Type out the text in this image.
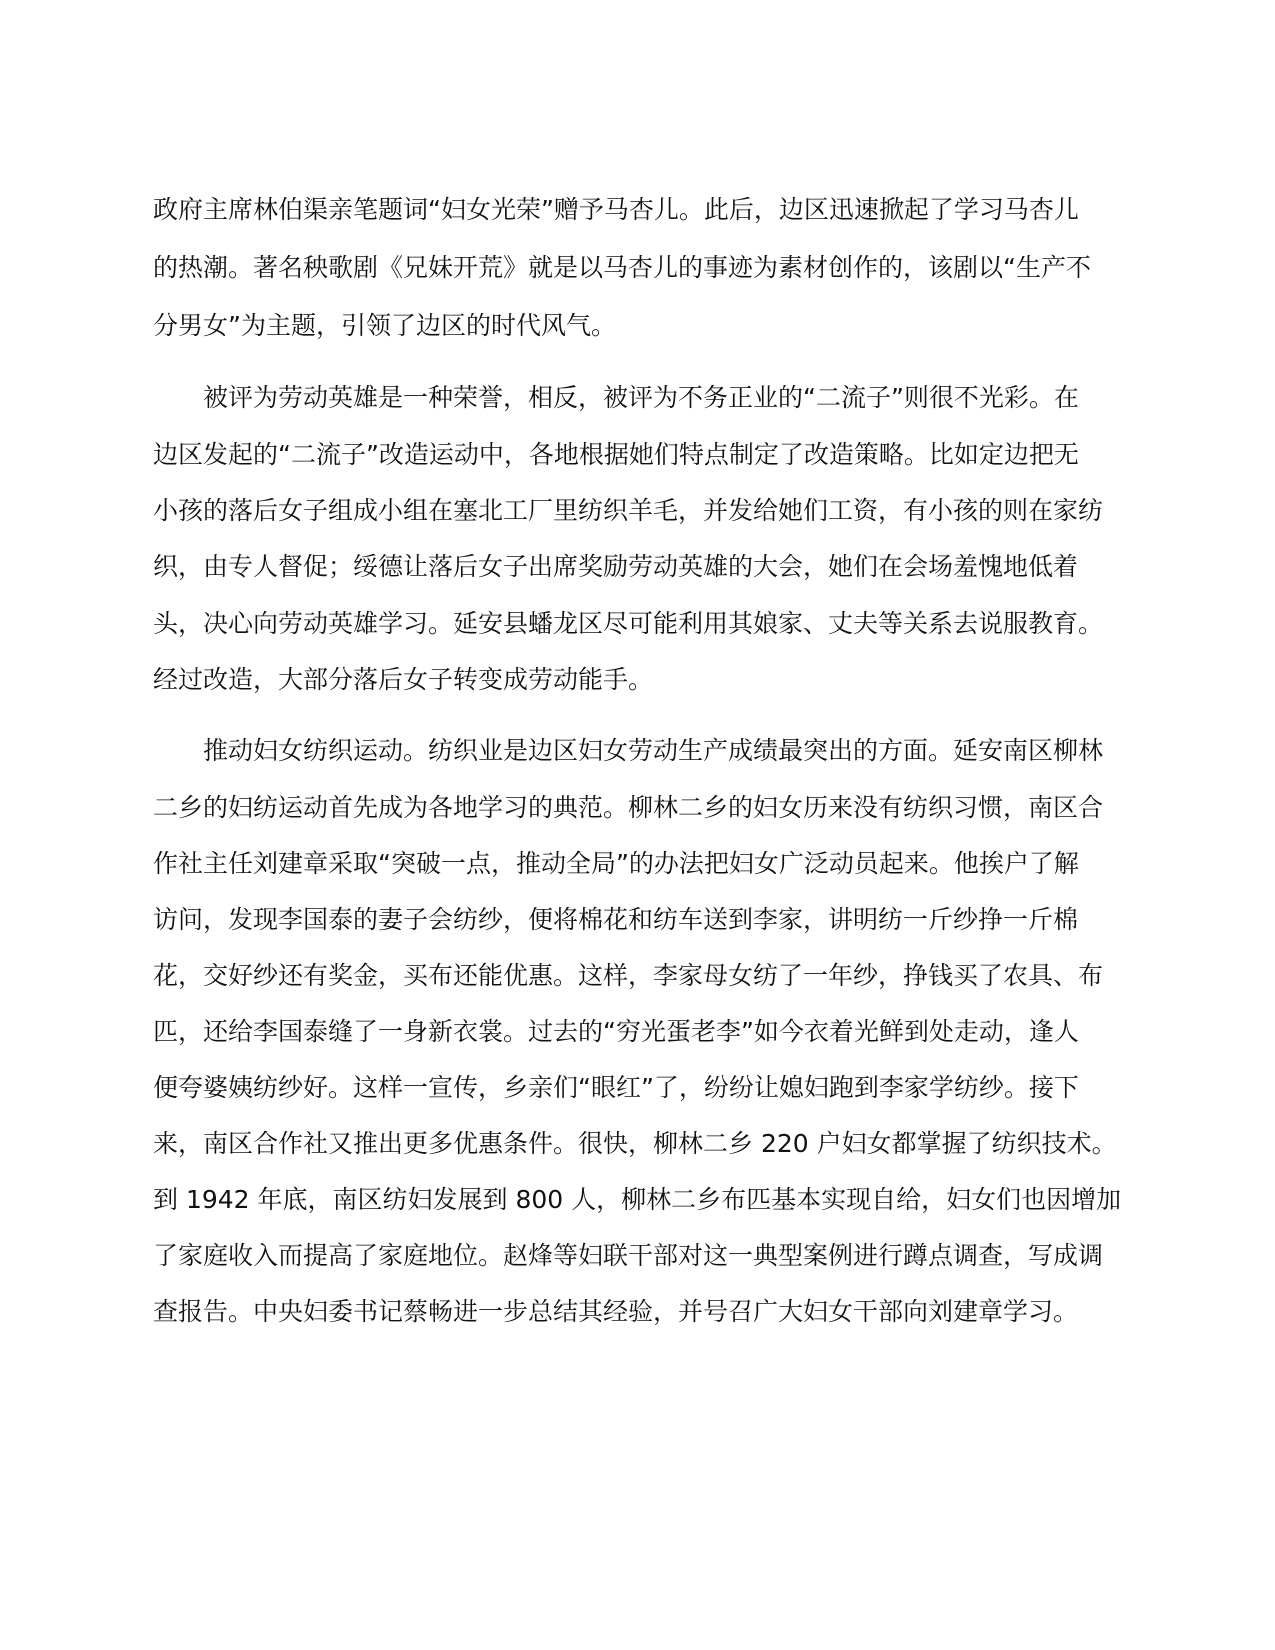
政府主席林伯渠亲笔题词“妇女光荣”赠予马杏儿。此后，边区迅速掀起了学习马杏儿
的热潮。著名秧歌剧《兄妹开荒》就是以马杏儿的事迹为素材创作的，该剧以“生产不
分男女”为主题，引领了边区的时代风气。
被评为劳动英雄是一种荣誉，相反，被评为不务正业的“二流子”则很不光彩。在
边区发起的“二流子”改造运动中，各地根据她们特点制定了改造策略。比如定边把无
小孩的落后女子组成小组在塞北工厂里纺织羊毛，并发给她们工资，有小孩的则在家纺
织，由专人督促；绥德让落后女子出席奖励劳动英雄的大会，她们在会场羞愧地低着
头，决心向劳动英雄学习。延安县蟠龙区尽可能利用其娘家、丈夫等关系去说服教育。
经过改造，大部分落后女子转变成劳动能手。
推动妇女纺织运动。纺织业是边区妇女劳动生产成绩最突出的方面。延安南区柳林
二乡的妇纺运动首先成为各地学习的典范。柳林二乡的妇女历来没有纺织习惯，南区合
作社主任刘建章采取“突破一点，推动全局”的办法把妇女广泛动员起来。他挨户了解
访问，发现李国泰的妻子会纺纱，便将棉花和纺车送到李家，讲明纺一斤纱挣一斤棉
花，交好纱还有奖金，买布还能优惠。这样，李家母女纺了一年纱，挣钱买了农具、布
匹，还给李国泰缝了一身新衣裳。过去的“穷光蛋老李”如今衣着光鲜到处走动，逢人
便夸婆姨纺纱好。这样一宣传，乡亲们“眼红”了，纷纷让媳妇跑到李家学纺纱。接下
来，南区合作社又推出更多优惠条件。很快，柳林二乡 220 户妇女都掌握了纺织技术。
到 1942 年底，南区纺妇发展到 800 人，柳林二乡布匹基本实现自给，妇女们也因增加
了家庭收入而提高了家庭地位。赵烽等妇联干部对这一典型案例进行蹲点调查，写成调
查报告。中央妇委书记蔡畅进一步总结其经验，并号召广大妇女干部向刘建章学习。
